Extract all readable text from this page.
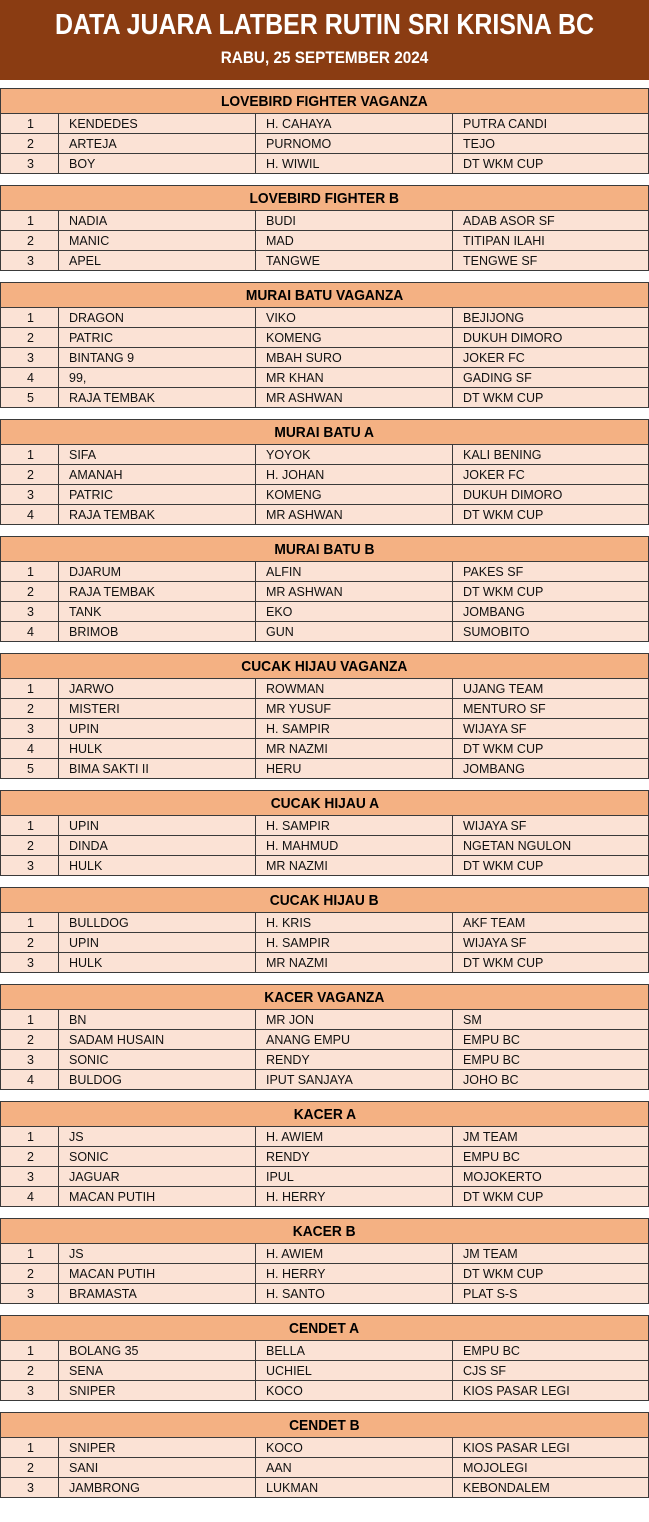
DATA JUARA LATBER RUTIN SRI KRISNA BC
RABU, 25 SEPTEMBER 2024
LOVEBIRD FIGHTER VAGANZA			
1	KENDEDES	H. CAHAYA	PUTRA CANDI
2	ARTEJA	PURNOMO	TEJO
3	BOY	H. WIWIL	DT WKM CUP
LOVEBIRD FIGHTER B			
1	NADIA	BUDI	ADAB ASOR SF
2	MANIC	MAD	TITIPAN ILAHI
3	APEL	TANGWE	TENGWE SF
MURAI BATU VAGANZA			
1	DRAGON	VIKO	BEJIJONG
2	PATRIC	KOMENG	DUKUH DIMORO
3	BINTANG 9	MBAH SURO	JOKER FC
4	99,	MR KHAN	GADING SF
5	RAJA TEMBAK	MR ASHWAN	DT WKM CUP
MURAI BATU A			
1	SIFA	YOYOK	KALI BENING
2	AMANAH	H. JOHAN	JOKER FC
3	PATRIC	KOMENG	DUKUH DIMORO
4	RAJA TEMBAK	MR ASHWAN	DT WKM CUP
MURAI BATU B			
1	DJARUM	ALFIN	PAKES SF
2	RAJA TEMBAK	MR ASHWAN	DT WKM CUP
3	TANK	EKO	JOMBANG
4	BRIMOB	GUN	SUMOBITO
CUCAK HIJAU VAGANZA			
1	JARWO	ROWMAN	UJANG TEAM
2	MISTERI	MR YUSUF	MENTURO SF
3	UPIN	H. SAMPIR	WIJAYA SF
4	HULK	MR NAZMI	DT WKM CUP
5	BIMA SAKTI II	HERU	JOMBANG
CUCAK HIJAU A			
1	UPIN	H. SAMPIR	WIJAYA SF
2	DINDA	H. MAHMUD	NGETAN NGULON
3	HULK	MR NAZMI	DT WKM CUP
CUCAK HIJAU B			
1	BULLDOG	H. KRIS	AKF TEAM
2	UPIN	H. SAMPIR	WIJAYA SF
3	HULK	MR NAZMI	DT WKM CUP
KACER VAGANZA			
1	BN	MR JON	SM
2	SADAM HUSAIN	ANANG EMPU	EMPU BC
3	SONIC	RENDY	EMPU BC
4	BULDOG	IPUT SANJAYA	JOHO BC
KACER A			
1	JS	H. AWIEM	JM TEAM
2	SONIC	RENDY	EMPU BC
3	JAGUAR	IPUL	MOJOKERTO
4	MACAN PUTIH	H. HERRY	DT WKM CUP
KACER B			
1	JS	H. AWIEM	JM TEAM
2	MACAN PUTIH	H. HERRY	DT WKM CUP
3	BRAMASTA	H. SANTO	PLAT S-S
CENDET A			
1	BOLANG 35	BELLA	EMPU BC
2	SENA	UCHIEL	CJS SF
3	SNIPER	KOCO	KIOS PASAR LEGI
CENDET B			
1	SNIPER	KOCO	KIOS PASAR LEGI
2	SANI	AAN	MOJOLEGI
3	JAMBRONG	LUKMAN	KEBONDALEM
